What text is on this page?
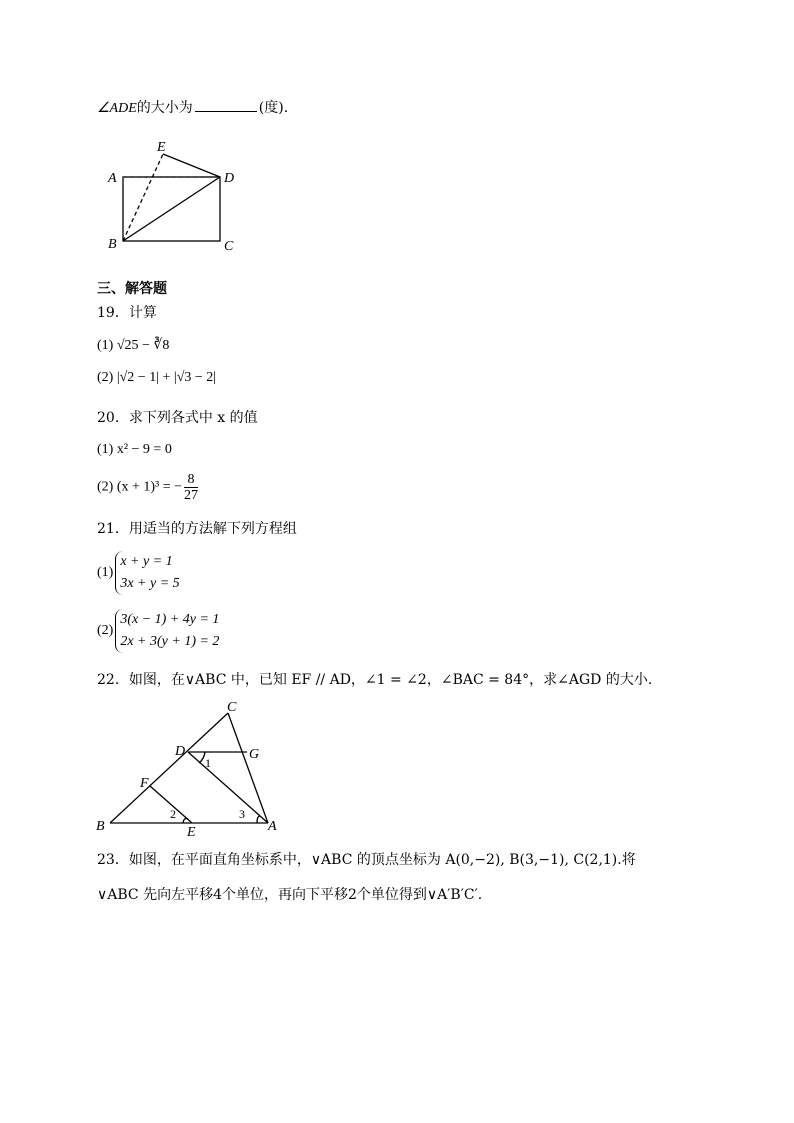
∠ADE的大小为	(度).
E
A	D
B	C
三、解答题
19．计算
(1) √25 − ∛8
(2) |√2 − 1| + |√3 − 2|
20．求下列各式中 x 的值
(1) x² − 9 = 0
(2) (x + 1)³ = − $\frac{8}{27}$
21．用适当的方法解下列方程组
(1)
x + y = 1
3x + y = 5
(2)
3(x − 1) + 4y = 1
2x + 3(y + 1) = 2
22．如图，在∨ABC 中，已知 EF // AD，∠1 = ∠2，∠BAC = 84°，求∠AGD 的大小.
C
D	G
F
B	E	A
1
2	3
23．如图，在平面直角坐标系中，∨ABC 的顶点坐标为 A(0,−2), B(3,−1), C(2,1).将
∨ABC 先向左平移4个单位，再向下平移2个单位得到∨A′B′C′.
